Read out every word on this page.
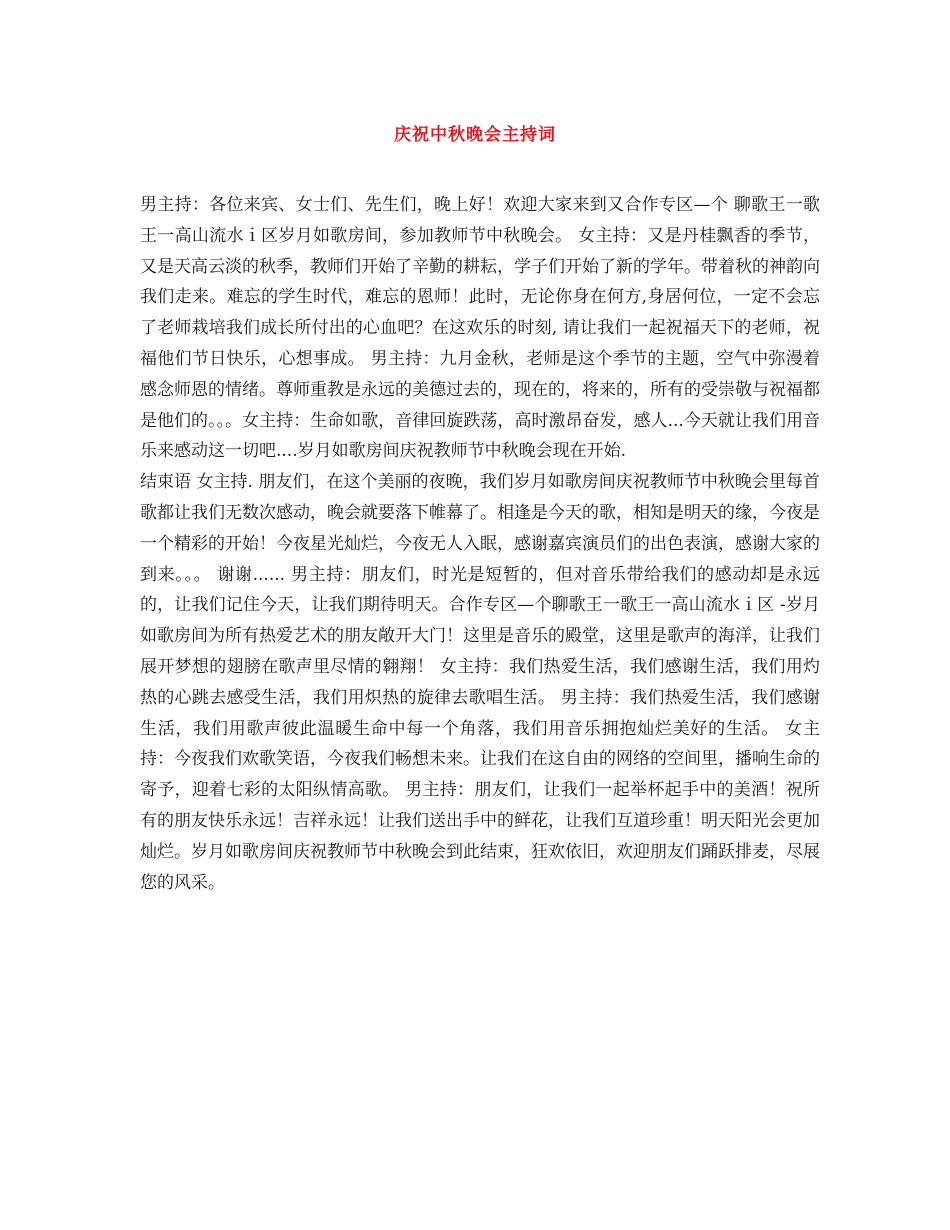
庆祝中秋晚会主持词

男主持：各位来宾、女士们、先生们，晚上好！欢迎大家来到又合作专区—个 聊歌王一歌王一高山流水ｉ区岁月如歌房间，参加教师节中秋晚会。 女主持：又是丹桂飘香的季节，又是天高云淡的秋季，教师们开始了辛勤的耕耘，学子们开始了新的学年。带着秋的神韵向我们走来。难忘的学生时代，难忘的恩师！此时，无论你身在何方,身居何位，一定不会忘了老师栽培我们成长所付出的心血吧？在这欢乐的时刻, 请让我们一起祝福天下的老师，祝福他们节日快乐，心想事成。 男主持：九月金秋，老师是这个季节的主题，空气中弥漫着感念师恩的情绪。尊师重教是永远的美德过去的，现在的，将来的，所有的受崇敬与祝福都是他们的。。。女主持：生命如歌，音律回旋跌荡，高时激昂奋发，感人...今天就让我们用音乐来感动这一切吧....岁月如歌房间庆祝教师节中秋晚会现在开始.

结束语 女主持. 朋友们，在这个美丽的夜晚，我们岁月如歌房间庆祝教师节中秋晚会里每首歌都让我们无数次感动，晚会就要落下帷幕了。相逢是今天的歌，相知是明天的缘，今夜是一个精彩的开始！今夜星光灿烂，今夜无人入眠，感谢嘉宾演员们的出色表演，感谢大家的到来。。。 谢谢...... 男主持：朋友们，时光是短暂的，但对音乐带给我们的感动却是永远的，让我们记住今天，让我们期待明天。合作专区—个聊歌王一歌王一高山流水ｉ区 -岁月如歌房间为所有热爱艺术的朋友敞开大门！这里是音乐的殿堂，这里是歌声的海洋，让我们展开梦想的翅膀在歌声里尽情的翱翔！ 女主持：我们热爱生活，我们感谢生活，我们用灼热的心跳去感受生活，我们用炽热的旋律去歌唱生活。 男主持：我们热爱生活，我们感谢生活，我们用歌声彼此温暖生命中每一个角落，我们用音乐拥抱灿烂美好的生活。 女主持：今夜我们欢歌笑语，今夜我们畅想未来。让我们在这自由的网络的空间里，播响生命的寄予，迎着七彩的太阳纵情高歌。 男主持：朋友们，让我们一起举杯起手中的美酒！祝所有的朋友快乐永远！吉祥永远！让我们送出手中的鲜花，让我们互道珍重！明天阳光会更加灿烂。岁月如歌房间庆祝教师节中秋晚会到此结束，狂欢依旧，欢迎朋友们踊跃排麦，尽展您的风采。
